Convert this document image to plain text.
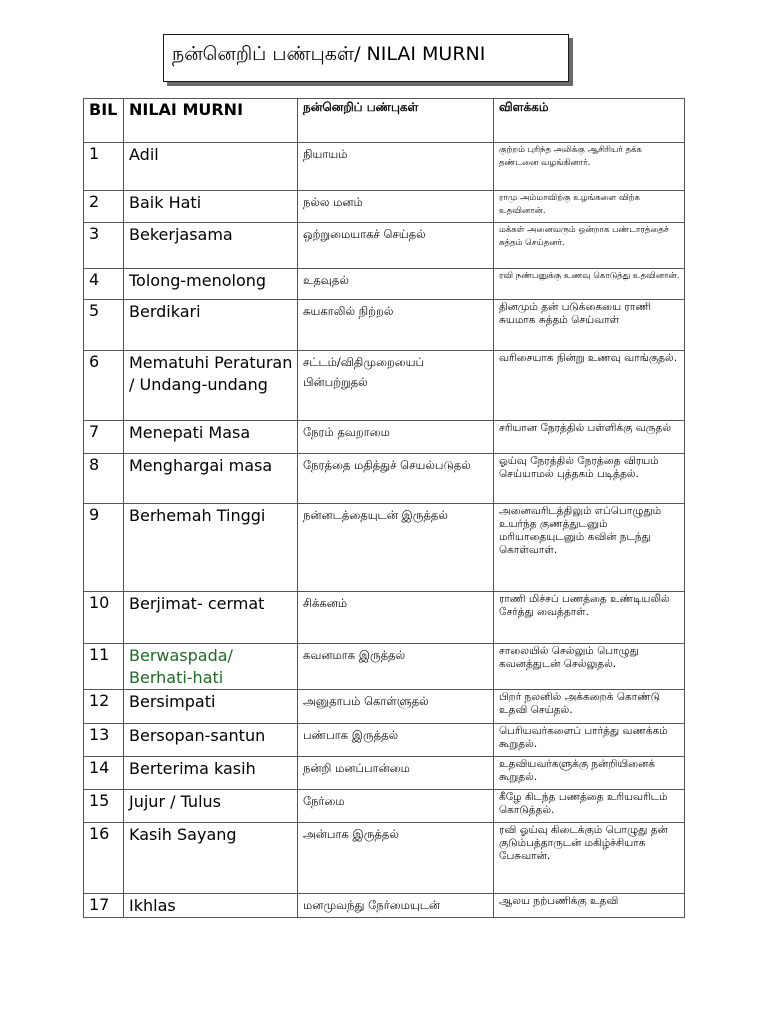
நன்னெறிப் பண்புகள்/ NILAI MURNI
BIL	NILAI MURNI	நன்னெறிப் பண்புகள்	விளக்கம்
1	Adil	நியாயம்	குற்றம் புரிந்த அலிக்கு ஆசிரியர் தக்க தண்டனை வழங்கினார்.
2	Baik Hati	நல்ல மனம்	ராமு அம்மாவிற்கு உழங்களை விற்க உதவினான்.
3	Bekerjasama	ஒற்றுமையாகச் செய்தல்	மக்கள் அனைவரும் ஒன்றாக பண்டாரத்தைச் சுத்தம் செய்தனர்.
4	Tolong-menolong	உதவுதல்	ரவி நண்பனுக்கு உணவு கொடுத்து உதவினான்.
5	Berdikari	சுயகாலில் நிற்றல்	தினமும் தன் படுக்கையை ராணி சுயமாக சுத்தம் செய்வாள்
6	Mematuhi Peraturan / Undang-undang	சட்டம்/விதிமுறையைப் பின்பற்றுதல்	வரிசையாக நின்று உணவு வாங்குதல்.
7	Menepati Masa	நேரம் தவறாமை	சரியான நேரத்தில் பள்ளிக்கு வருதல்
8	Menghargai masa	நேரத்தை மதித்துச் செயல்படுதல்	ஓய்வு நேரத்தில் நேரத்தை விரயம் செய்யாமல் புத்தகம் படித்தல்.
9	Berhemah Tinggi	நன்னடத்தையுடன் இருத்தல்	அனைவரிடத்திலும் எப்பொழுதும் உயர்ந்த குணத்துடனும் மரியாதையுடனும் கவின் நடந்து கொள்வாள்.
10	Berjimat- cermat	சிக்கனம்	ராணி மிச்சப் பணத்தை உண்டியலில் சேர்த்து வைத்தாள்.
11	Berwaspada/ Berhati-hati	கவனமாக இருத்தல்	சாலையில் செல்லும் பொழுது கவனத்துடன் செல்லுதல்.
12	Bersimpati	அனுதாபம் கொள்ளுதல்	பிறர் நலனில் அக்கறைக் கொண்டு உதவி செய்தல்.
13	Bersopan-santun	பண்பாக இருத்தல்	பெரியவர்களைப் பார்த்து வணக்கம் கூறுதல்.
14	Berterima kasih	நன்றி மனப்பான்மை	உதவியவர்களுக்கு நன்றியினைக் கூறுதல்.
15	Jujur / Tulus	நேர்மை	கீழே கிடந்த பணத்தை உரியவரிடம் கொடுத்தல்.
16	Kasih Sayang	அன்பாக இருத்தல்	ரவி ஓய்வு கிடைக்கும் பொழுது தன் குடும்பத்தாருடன் மகிழ்ச்சியாக பேசுவான்.
17	Ikhlas	மனமுவந்து நேர்மையுடன்	ஆலய நற்பணிக்கு உதவி
